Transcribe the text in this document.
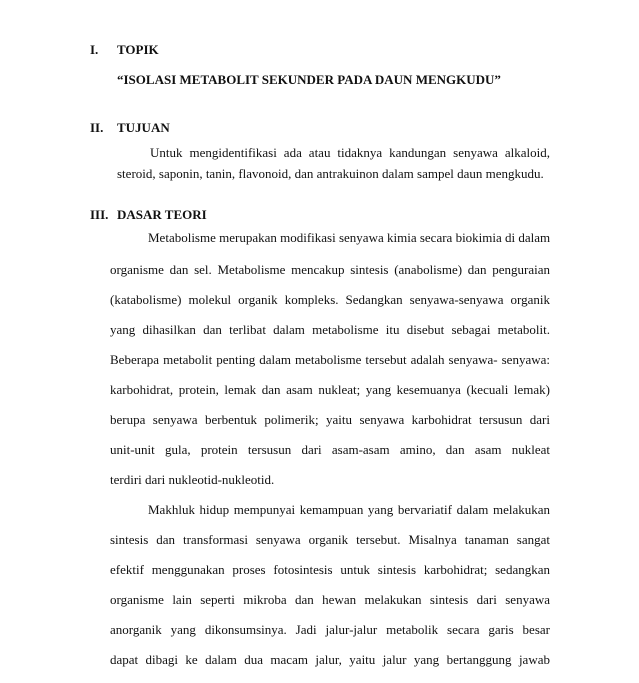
I. TOPIK
“ISOLASI METABOLIT SEKUNDER PADA DAUN MENGKUDU”
II. TUJUAN
Untuk mengidentifikasi ada atau tidaknya kandungan senyawa alkaloid,
steroid, saponin, tanin, flavonoid, dan antrakuinon dalam sampel daun mengkudu.
III. DASAR TEORI
Metabolisme merupakan modifikasi senyawa kimia secara biokimia di dalam
organisme dan sel. Metabolisme mencakup sintesis (anabolisme) dan penguraian
(katabolisme) molekul organik kompleks. Sedangkan senyawa-senyawa organik
yang dihasilkan dan terlibat dalam metabolisme itu disebut sebagai metabolit.
Beberapa metabolit penting dalam metabolisme tersebut adalah senyawa- senyawa:
karbohidrat, protein, lemak dan asam nukleat; yang kesemuanya (kecuali lemak)
berupa senyawa berbentuk polimerik; yaitu senyawa karbohidrat tersusun dari
unit-unit gula, protein tersusun dari asam-asam amino, dan asam nukleat
terdiri dari nukleotid-nukleotid.
Makhluk hidup mempunyai kemampuan yang bervariatif dalam melakukan
sintesis dan transformasi senyawa organik tersebut. Misalnya tanaman sangat
efektif menggunakan proses fotosintesis untuk sintesis karbohidrat; sedangkan
organisme lain seperti mikroba dan hewan melakukan sintesis dari senyawa
anorganik yang dikonsumsinya. Jadi jalur-jalur metabolik secara garis besar
dapat dibagi ke dalam dua macam jalur, yaitu jalur yang bertanggung jawab
